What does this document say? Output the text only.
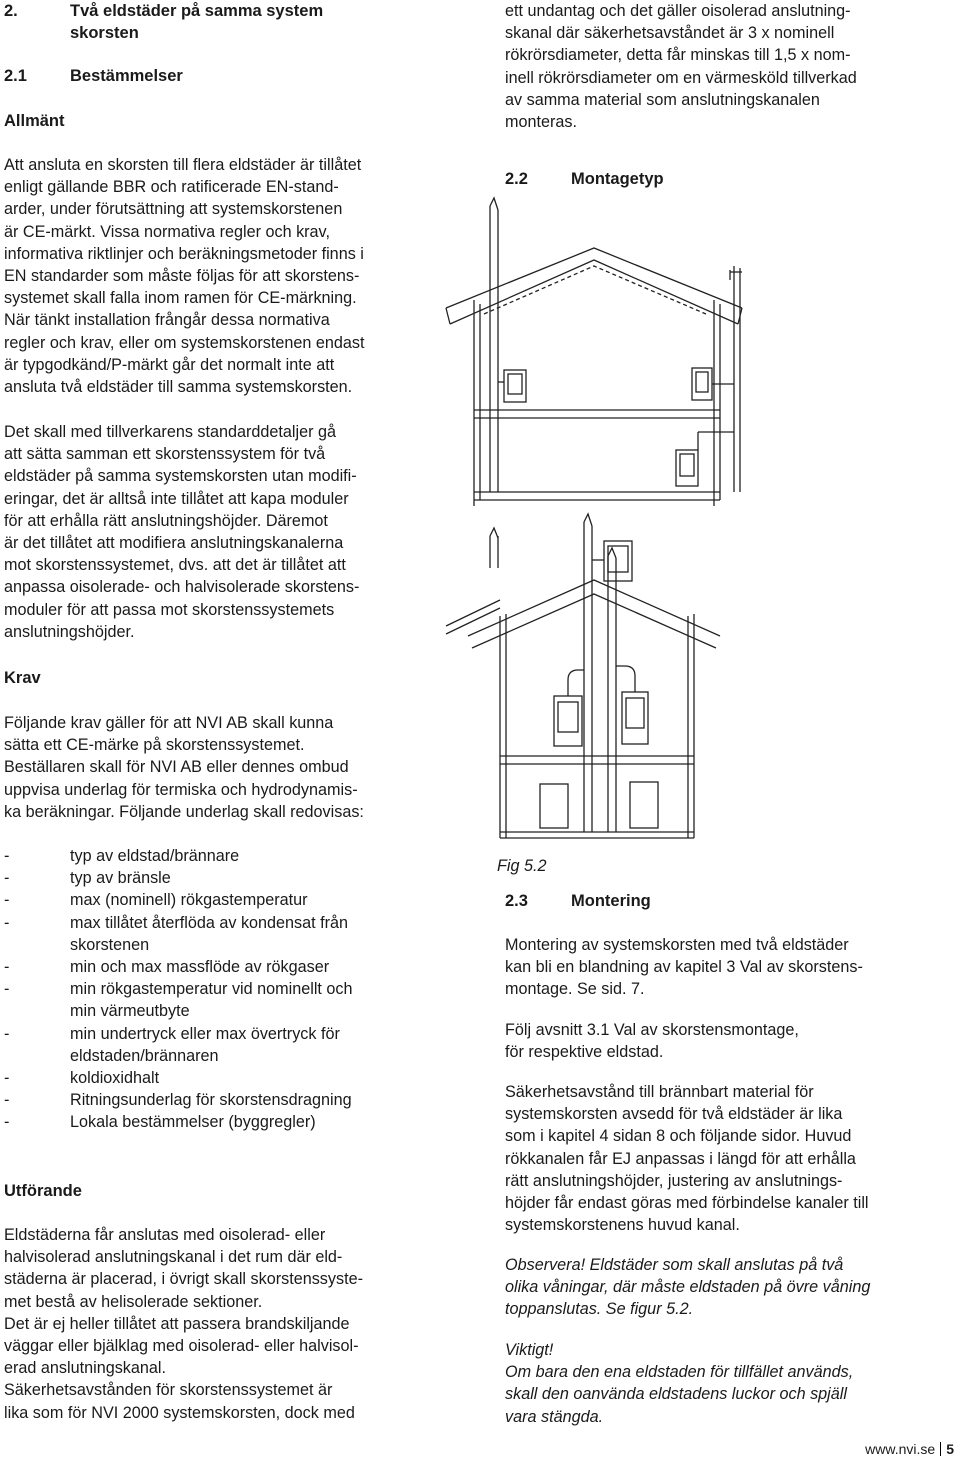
2.	Två eldstäder på samma system
skorsten
2.1	Bestämmelser
Allmänt

Att ansluta en skorsten till flera eldstäder är tillåtet
enligt gällande BBR och ratificerade EN-stand-
arder, under förutsättning att systemskorstenen
är CE-märkt. Vissa normativa regler och krav,
informativa riktlinjer och beräkningsmetoder finns i
EN standarder som måste följas för att skorstens-
systemet skall falla inom ramen för CE-märkning.
När tänkt installation frångår dessa normativa
regler och krav, eller om systemskorstenen endast
är typgodkänd/P-märkt går det normalt inte att
ansluta två eldstäder till samma systemskorsten.

Det skall med tillverkarens standarddetaljer gå
att sätta samman ett skorstenssystem för två
eldstäder på samma systemskorsten utan modifi-
eringar, det är alltså inte tillåtet att kapa moduler
för att erhålla rätt anslutningshöjder. Däremot
är det tillåtet att modifiera anslutningskanalerna
mot skorstenssystemet, dvs. att det är tillåtet att
anpassa oisolerade- och halvisolerade skorstens-
moduler för att passa mot skorstenssystemets
anslutningshöjder.

Krav

Följande krav gäller för att NVI AB skall kunna
sätta ett CE-märke på skorstenssystemet.
Beställaren skall för NVI AB eller dennes ombud
uppvisa underlag för termiska och hydrodynamis-
ka beräkningar. Följande underlag skall redovisas:

-	typ av eldstad/brännare
-	typ av bränsle
-	max (nominell) rökgastemperatur
-	max tillåtet återflöda av kondensat från
skorstenen
-	min och max massflöde av rökgaser
-	min rökgastemperatur vid nominellt och
min värmeutbyte
-	min undertryck eller max övertryck för
eldstaden/brännaren
-	koldioxidhalt
-	Ritningsunderlag för skorstensdragning
-	Lokala bestämmelser (byggregler)
Utförande

Eldstäderna får anslutas med oisolerad- eller
halvisolerad anslutningskanal i det rum där eld-
städerna är placerad, i övrigt skall skorstenssyste-
met bestå av helisolerade sektioner.
Det är ej heller tillåtet att passera brandskiljande
väggar eller bjälklag med oisolerad- eller halvisol-
erad anslutningskanal.
Säkerhetsavstånden för skorstenssystemet är
lika som för NVI 2000 systemskorsten, dock med

ett undantag och det gäller oisolerad anslutning-
skanal där säkerhetsavståndet är 3 x nominell
rökrörsdiameter, detta får minskas till 1,5 x nom-
inell rökrörsdiameter om en värmesköld tillverkad
av samma material som anslutningskanalen
monteras.

2.2	Montagetyp
2.3	Montering

Montering av systemskorsten med två eldstäder
kan bli en blandning av kapitel 3 Val av skorstens-
montage. Se sid. 7.

Följ avsnitt 3.1 Val av skorstensmontage,
för respektive eldstad.

Säkerhetsavstånd till brännbart material för
systemskorsten avsedd för två eldstäder är lika
som i kapitel 4 sidan 8 och följande sidor. Huvud
rökkanalen får EJ anpassas i längd för att erhålla
rätt anslutningshöjder, justering av anslutnings-
höjder får endast göras med förbindelse kanaler till
systemskorstenens huvud kanal.

Observera! Eldstäder som skall anslutas på två
olika våningar, där måste eldstaden på övre våning
toppanslutas. Se figur 5.2.

Viktigt!
Om bara den ena eldstaden för tillfället används,
skall den oanvända eldstadens luckor och spjäll
vara stängda.

Fig 5.2
www.nvi.se 5
